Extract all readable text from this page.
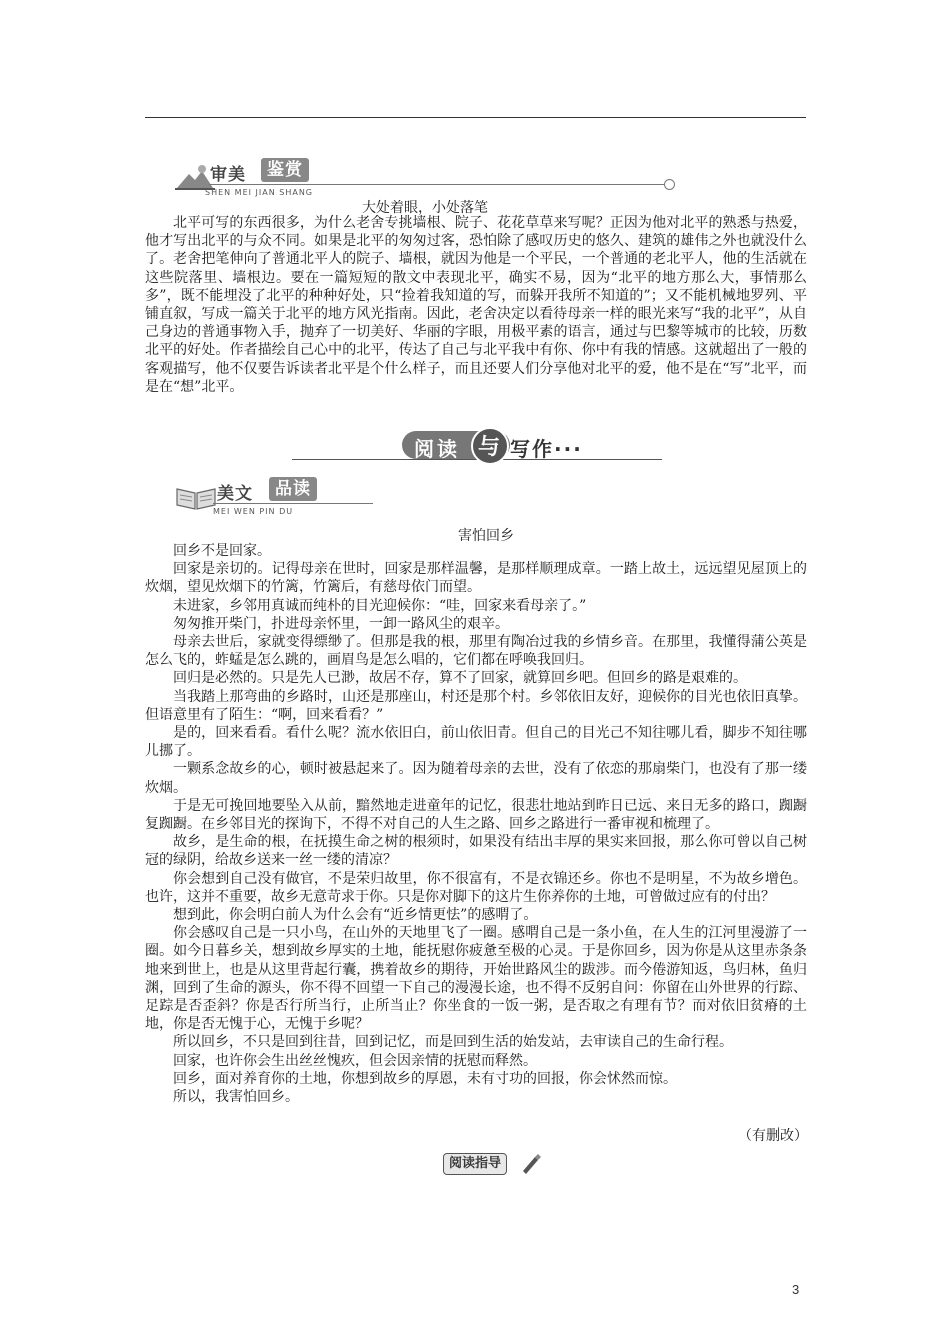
审美	鉴赏
SHEN MEI JIAN SHANG
大处着眼，小处落笔

北平可写的东西很多，为什么老舍专挑墙根、院子、花花草草来写呢？正因为他对北平的熟悉与热爱，他才写出北平的与众不同。如果是北平的匆匆过客，恐怕除了感叹历史的悠久、建筑的雄伟之外也就没什么了。老舍把笔伸向了普通北平人的院子、墙根，就因为他是一个平民，一个普通的老北平人，他的生活就在这些院落里、墙根边。要在一篇短短的散文中表现北平，确实不易，因为“北平的地方那么大，事情那么多”，既不能埋没了北平的种种好处，只“捡着我知道的写，而躲开我所不知道的”；又不能机械地罗列、平铺直叙，写成一篇关于北平的地方风光指南。因此，老舍决定以看待母亲一样的眼光来写“我的北平”，从自己身边的普通事物入手，抛弃了一切美好、华丽的字眼，用极平素的语言，通过与巴黎等城市的比较，历数北平的好处。作者描绘自己心中的北平，传达了自己与北平我中有你、你中有我的情感。这就超出了一般的客观描写，他不仅要告诉读者北平是个什么样子，而且还要人们分享他对北平的爱，他不是在“写”北平，而是在“想”北平。

阅读 与 写作···
美文	品读
MEI WEN PIN DU
害怕回乡

回乡不是回家。

回家是亲切的。记得母亲在世时，回家是那样温馨，是那样顺理成章。一踏上故土，远远望见屋顶上的炊烟，望见炊烟下的竹篱，竹篱后，有慈母依门而望。

未进家，乡邻用真诚而纯朴的目光迎候你：“哇，回家来看母亲了。”

匆匆推开柴门，扑进母亲怀里，一卸一路风尘的艰辛。

母亲去世后，家就变得缥缈了。但那是我的根，那里有陶冶过我的乡情乡音。在那里，我懂得蒲公英是怎么飞的，蚱蜢是怎么跳的，画眉鸟是怎么唱的，它们都在呼唤我回归。

回归是必然的。只是先人已渺，故居不存，算不了回家，就算回乡吧。但回乡的路是艰难的。

当我踏上那弯曲的乡路时，山还是那座山，村还是那个村。乡邻依旧友好，迎候你的目光也依旧真挚。但语意里有了陌生：“啊，回来看看？”

是的，回来看看。看什么呢？流水依旧白，前山依旧青。但自己的目光己不知往哪儿看，脚步不知往哪儿挪了。

一颗系念故乡的心，顿时被悬起来了。因为随着母亲的去世，没有了依恋的那扇柴门，也没有了那一缕炊烟。

于是无可挽回地要坠入从前，黯然地走进童年的记忆，很悲壮地站到昨日已远、来日无多的路口，踟蹰复踟蹰。在乡邻目光的探询下，不得不对自己的人生之路、回乡之路进行一番审视和梳理了。

故乡，是生命的根，在抚摸生命之树的根须时，如果没有结出丰厚的果实来回报，那么你可曾以自己树冠的绿阴，给故乡送来一丝一缕的清凉？

你会想到自己没有做官，不是荣归故里，你不很富有，不是衣锦还乡。你也不是明星，不为故乡增色。也许，这并不重要，故乡无意苛求于你。只是你对脚下的这片生你养你的土地，可曾做过应有的付出？

想到此，你会明白前人为什么会有“近乡情更怯”的感喟了。

你会感叹自己是一只小鸟，在山外的天地里飞了一圈。感喟自己是一条小鱼，在人生的江河里漫游了一圈。如今日暮乡关，想到故乡厚实的土地，能抚慰你疲惫至极的心灵。于是你回乡，因为你是从这里赤条条地来到世上，也是从这里背起行囊，携着故乡的期待，开始世路风尘的跋涉。而今倦游知返，鸟归林，鱼归渊，回到了生命的源头，你不得不回望一下自己的漫漫长途，也不得不反躬自问：你留在山外世界的行踪、足踪是否歪斜？你是否行所当行，止所当止？你坐食的一饭一粥，是否取之有理有节？而对依旧贫瘠的土地，你是否无愧于心，无愧于乡呢？

所以回乡，不只是回到往昔，回到记忆，而是回到生活的始发站，去审读自己的生命行程。

回家，也许你会生出丝丝愧疚，但会因亲情的抚慰而释然。

回乡，面对养育你的土地，你想到故乡的厚恩，未有寸功的回报，你会怵然而惊。

所以，我害怕回乡。

（有删改）
阅读指导
3
